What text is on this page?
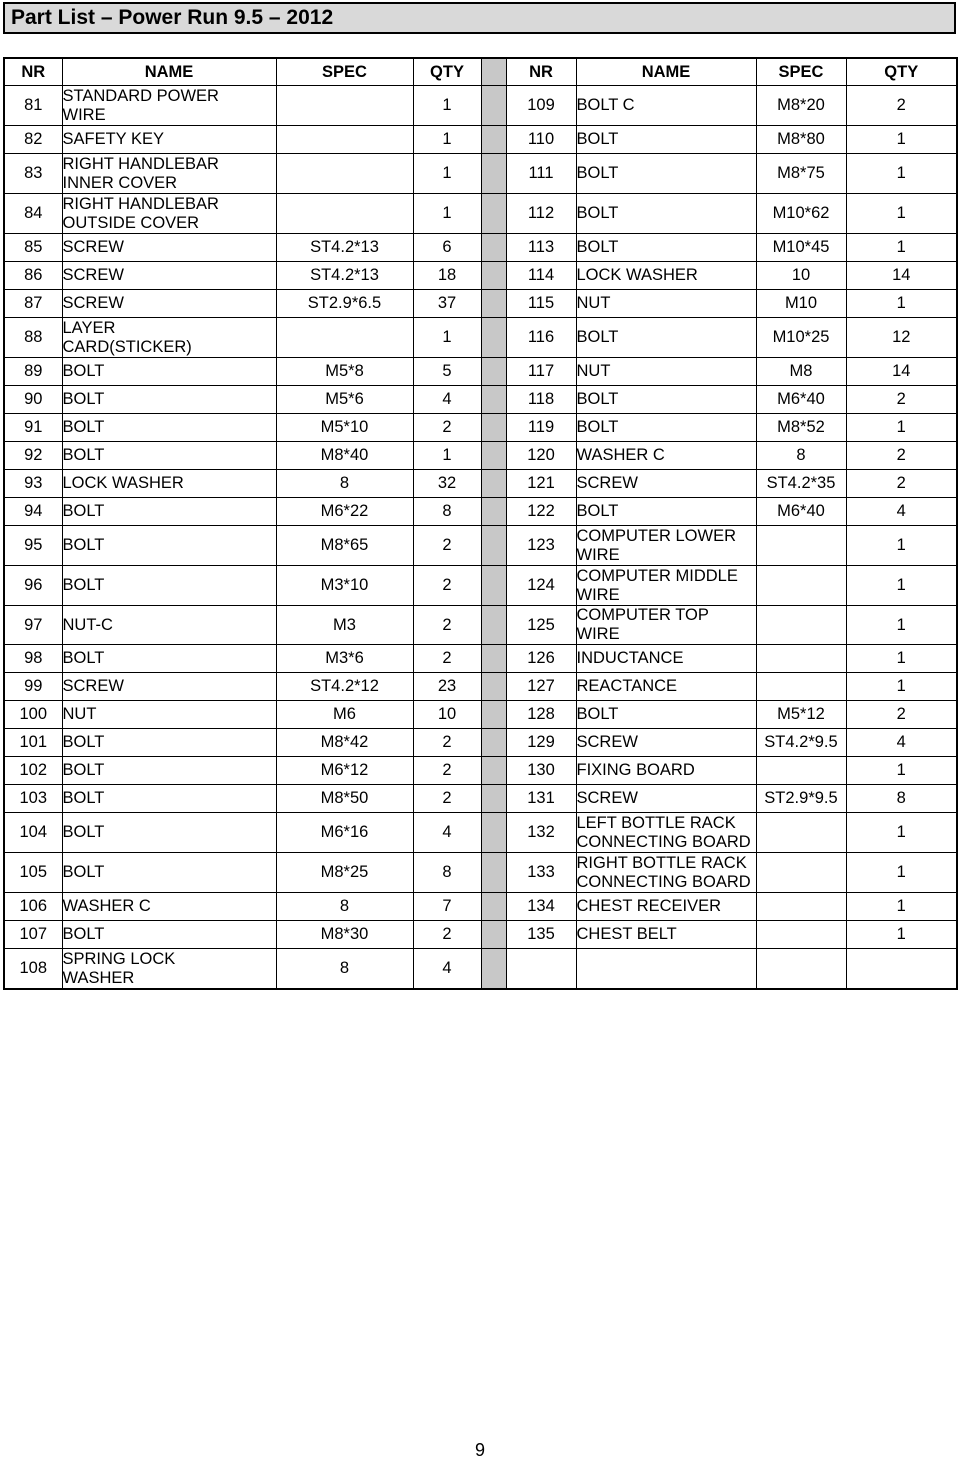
Part List – Power Run 9.5 – 2012
NR	NAME	SPEC	QTY		NR	NAME	SPEC	QTY
81	STANDARD POWER
WIRE		1		109	BOLT C	M8*20	2
82	SAFETY KEY		1		110	BOLT	M8*80	1
83	RIGHT HANDLEBAR
INNER COVER		1		111	BOLT	M8*75	1
84	RIGHT HANDLEBAR
OUTSIDE COVER		1		112	BOLT	M10*62	1
85	SCREW	ST4.2*13	6		113	BOLT	M10*45	1
86	SCREW	ST4.2*13	18		114	LOCK WASHER	10	14
87	SCREW	ST2.9*6.5	37		115	NUT	M10	1
88	LAYER
CARD(STICKER)		1		116	BOLT	M10*25	12
89	BOLT	M5*8	5		117	NUT	M8	14
90	BOLT	M5*6	4		118	BOLT	M6*40	2
91	BOLT	M5*10	2		119	BOLT	M8*52	1
92	BOLT	M8*40	1		120	WASHER C	8	2
93	LOCK WASHER	8	32		121	SCREW	ST4.2*35	2
94	BOLT	M6*22	8		122	BOLT	M6*40	4
95	BOLT	M8*65	2		123	COMPUTER LOWER
WIRE		1
96	BOLT	M3*10	2		124	COMPUTER MIDDLE
WIRE		1
97	NUT-C	M3	2		125	COMPUTER TOP WIRE		1
98	BOLT	M3*6	2		126	INDUCTANCE		1
99	SCREW	ST4.2*12	23		127	REACTANCE		1
100	NUT	M6	10		128	BOLT	M5*12	2
101	BOLT	M8*42	2		129	SCREW	ST4.2*9.5	4
102	BOLT	M6*12	2		130	FIXING BOARD		1
103	BOLT	M8*50	2		131	SCREW	ST2.9*9.5	8
104	BOLT	M6*16	4		132	LEFT BOTTLE RACK
CONNECTING BOARD		1
105	BOLT	M8*25	8		133	RIGHT BOTTLE RACK
CONNECTING BOARD		1
106	WASHER C	8	7		134	CHEST RECEIVER		1
107	BOLT	M8*30	2		135	CHEST BELT		1
108	SPRING LOCK
WASHER	8	4					
9
